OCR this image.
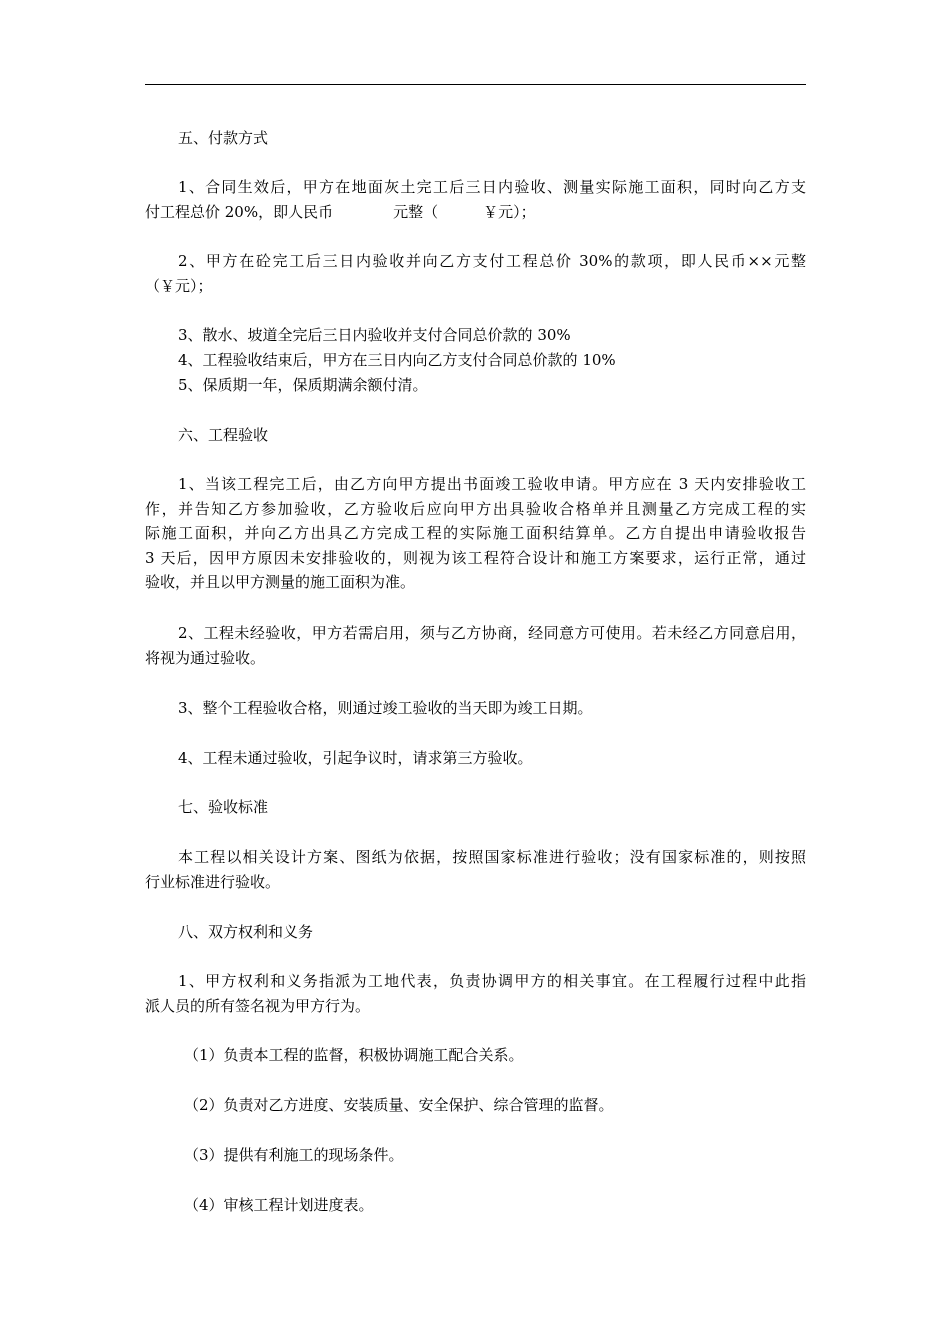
五、付款方式
1、合同生效后，甲方在地面灰土完工后三日内验收、测量实际施工面积，同时向乙方支
付工程总价 20%，即人民币　　　　元整（　　　￥元）；
2、甲方在砼完工后三日内验收并向乙方支付工程总价 30%的款项，即人民币××元整
（￥元）；
3、散水、坡道全完后三日内验收并支付合同总价款的 30%
4、工程验收结束后，甲方在三日内向乙方支付合同总价款的 10%
5、保质期一年，保质期满余额付清。
六、工程验收
1、当该工程完工后，由乙方向甲方提出书面竣工验收申请。甲方应在 3 天内安排验收工
作，并告知乙方参加验收，乙方验收后应向甲方出具验收合格单并且测量乙方完成工程的实
际施工面积，并向乙方出具乙方完成工程的实际施工面积结算单。乙方自提出申请验收报告
3 天后，因甲方原因未安排验收的，则视为该工程符合设计和施工方案要求，运行正常，通过
验收，并且以甲方测量的施工面积为准。
2、工程未经验收，甲方若需启用，须与乙方协商，经同意方可使用。若未经乙方同意启用，
将视为通过验收。
3、整个工程验收合格，则通过竣工验收的当天即为竣工日期。
4、工程未通过验收，引起争议时，请求第三方验收。
七、验收标准
本工程以相关设计方案、图纸为依据，按照国家标准进行验收；没有国家标准的，则按照
行业标准进行验收。
八、双方权利和义务
1、甲方权利和义务指派为工地代表，负责协调甲方的相关事宜。在工程履行过程中此指
派人员的所有签名视为甲方行为。
（1）负责本工程的监督，积极协调施工配合关系。
（2）负责对乙方进度、安装质量、安全保护、综合管理的监督。
（3）提供有利施工的现场条件。
（4）审核工程计划进度表。
